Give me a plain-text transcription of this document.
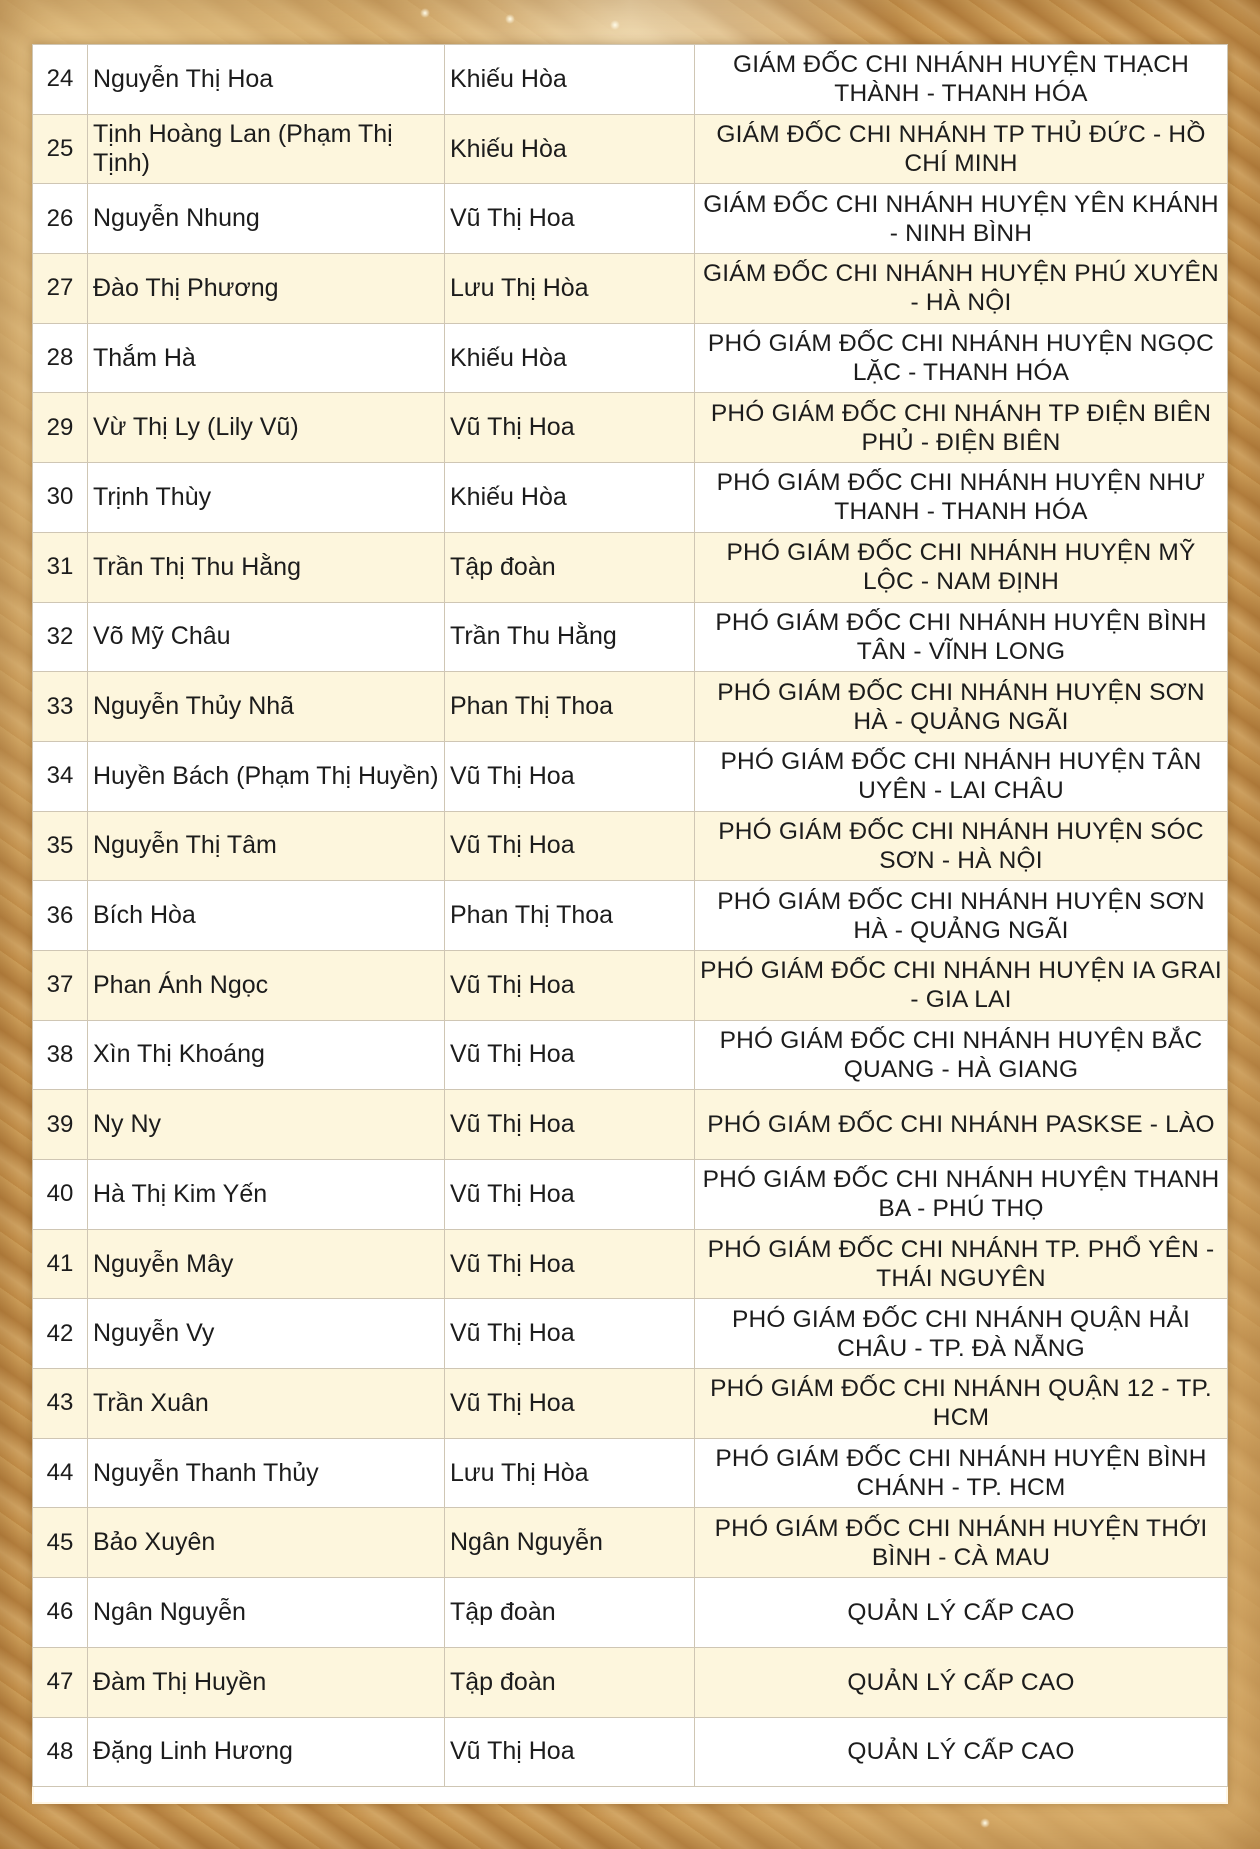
24	Nguyễn Thị Hoa	Khiếu Hòa	GIÁM ĐỐC CHI NHÁNH HUYỆN THẠCH THÀNH - THANH HÓA
25	Tịnh Hoàng Lan (Phạm Thị Tịnh)	Khiếu Hòa	GIÁM ĐỐC CHI NHÁNH TP THỦ ĐỨC - HỒ CHÍ MINH
26	Nguyễn Nhung	Vũ Thị Hoa	GIÁM ĐỐC CHI NHÁNH HUYỆN YÊN KHÁNH - NINH BÌNH
27	Đào Thị Phương	Lưu Thị Hòa	GIÁM ĐỐC CHI NHÁNH HUYỆN PHÚ XUYÊN - HÀ NỘI
28	Thắm Hà	Khiếu Hòa	PHÓ GIÁM ĐỐC CHI NHÁNH HUYỆN NGỌC LẶC - THANH HÓA
29	Vừ Thị Ly (Lily Vũ)	Vũ Thị Hoa	PHÓ GIÁM ĐỐC CHI NHÁNH TP ĐIỆN BIÊN PHỦ - ĐIỆN BIÊN
30	Trịnh Thùy	Khiếu Hòa	PHÓ GIÁM ĐỐC CHI NHÁNH HUYỆN NHƯ THANH - THANH HÓA
31	Trần Thị Thu Hằng	Tập đoàn	PHÓ GIÁM ĐỐC CHI NHÁNH HUYỆN MỸ LỘC - NAM ĐỊNH
32	Võ Mỹ Châu	Trần Thu Hằng	PHÓ GIÁM ĐỐC CHI NHÁNH HUYỆN BÌNH TÂN - VĨNH LONG
33	Nguyễn Thủy Nhã	Phan Thị Thoa	PHÓ GIÁM ĐỐC CHI NHÁNH HUYỆN SƠN HÀ - QUẢNG NGÃI
34	Huyền Bách (Phạm Thị Huyền)	Vũ Thị Hoa	PHÓ GIÁM ĐỐC CHI NHÁNH HUYỆN TÂN UYÊN - LAI CHÂU
35	Nguyễn Thị Tâm	Vũ Thị Hoa	PHÓ GIÁM ĐỐC CHI NHÁNH HUYỆN SÓC SƠN - HÀ NỘI
36	Bích Hòa	Phan Thị Thoa	PHÓ GIÁM ĐỐC CHI NHÁNH HUYỆN SƠN HÀ - QUẢNG NGÃI
37	Phan Ánh Ngọc	Vũ Thị Hoa	PHÓ GIÁM ĐỐC CHI NHÁNH HUYỆN IA GRAI - GIA LAI
38	Xìn Thị Khoáng	Vũ Thị Hoa	PHÓ GIÁM ĐỐC CHI NHÁNH HUYỆN BẮC QUANG - HÀ GIANG
39	Ny Ny	Vũ Thị Hoa	PHÓ GIÁM ĐỐC CHI NHÁNH PASKSE - LÀO
40	Hà Thị Kim Yến	Vũ Thị Hoa	PHÓ GIÁM ĐỐC CHI NHÁNH HUYỆN THANH BA - PHÚ THỌ
41	Nguyễn Mây	Vũ Thị Hoa	PHÓ GIÁM ĐỐC CHI NHÁNH TP. PHỔ YÊN - THÁI NGUYÊN
42	Nguyễn Vy	Vũ Thị Hoa	PHÓ GIÁM ĐỐC CHI NHÁNH QUẬN HẢI CHÂU - TP. ĐÀ NẴNG
43	Trần Xuân	Vũ Thị Hoa	PHÓ GIÁM ĐỐC CHI NHÁNH QUẬN 12 - TP. HCM
44	Nguyễn Thanh Thủy	Lưu Thị Hòa	PHÓ GIÁM ĐỐC CHI NHÁNH HUYỆN BÌNH CHÁNH - TP. HCM
45	Bảo Xuyên	Ngân Nguyễn	PHÓ GIÁM ĐỐC CHI NHÁNH HUYỆN THỚI BÌNH - CÀ MAU
46	Ngân Nguyễn	Tập đoàn	QUẢN LÝ CẤP CAO
47	Đàm Thị Huyền	Tập đoàn	QUẢN LÝ CẤP CAO
48	Đặng Linh Hương	Vũ Thị Hoa	QUẢN LÝ CẤP CAO
